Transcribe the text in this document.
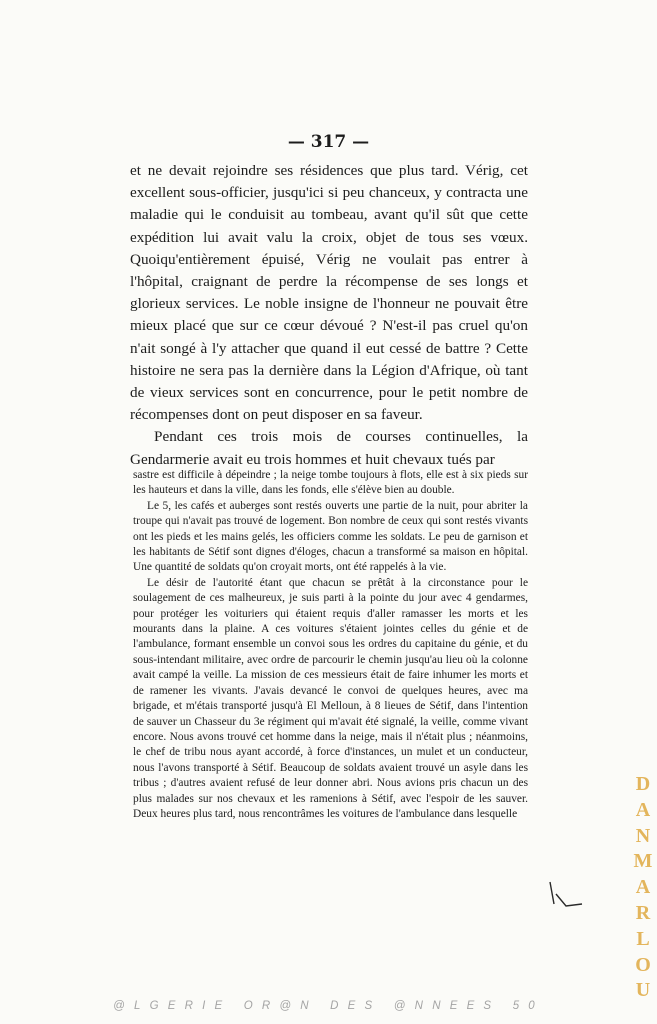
— 317 —

et ne devait rejoindre ses résidences que plus tard. Vérig, cet excellent sous-officier, jusqu'ici si peu chanceux, y contracta une maladie qui le conduisit au tombeau, avant qu'il sût que cette expédition lui avait valu la croix, objet de tous ses vœux. Quoiqu'entièrement épuisé, Vérig ne voulait pas entrer à l'hôpital, craignant de perdre la récompense de ses longs et glorieux services. Le noble insigne de l'honneur ne pouvait être mieux placé que sur ce cœur dévoué ? N'est-il pas cruel qu'on n'ait songé à l'y attacher que quand il eut cessé de battre ? Cette histoire ne sera pas la dernière dans la Légion d'Afrique, où tant de vieux services sont en concurrence, pour le petit nombre de récompenses dont on peut disposer en sa faveur.

Pendant ces trois mois de courses continuelles, la Gendarmerie avait eu trois hommes et huit chevaux tués par

sastre est difficile à dépeindre ; la neige tombe toujours à flots, elle est à six pieds sur les hauteurs et dans la ville, dans les fonds, elle s'élève bien au double.

Le 5, les cafés et auberges sont restés ouverts une partie de la nuit, pour abriter la troupe qui n'avait pas trouvé de logement. Bon nombre de ceux qui sont restés vivants ont les pieds et les mains gelés, les officiers comme les soldats. Le peu de garnison et les habitants de Sétif sont dignes d'éloges, chacun a transformé sa maison en hôpital. Une quantité de soldats qu'on croyait morts, ont été rappelés à la vie.

Le désir de l'autorité étant que chacun se prêtât à la circonstance pour le soulagement de ces malheureux, je suis parti à la pointe du jour avec 4 gendarmes, pour protéger les voituriers qui étaient requis d'aller ramasser les morts et les mourants dans la plaine. A ces voitures s'étaient jointes celles du génie et de l'ambulance, formant ensemble un convoi sous les ordres du capitaine du génie, et du sous-intendant militaire, avec ordre de parcourir le chemin jusqu'au lieu où la colonne avait campé la veille. La mission de ces messieurs était de faire inhumer les morts et de ramener les vivants. J'avais devancé le convoi de quelques heures, avec ma brigade, et m'étais transporté jusqu'à El Melloun, à 8 lieues de Sétif, dans l'intention de sauver un Chasseur du 3e régiment qui m'avait été signalé, la veille, comme vivant encore. Nous avons trouvé cet homme dans la neige, mais il n'était plus ; néanmoins, le chef de tribu nous ayant accordé, à force d'instances, un mulet et un conducteur, nous l'avons transporté à Sétif. Beaucoup de soldats avaient trouvé un asyle dans les tribus ; d'autres avaient refusé de leur donner abri. Nous avions pris chacun un des plus malades sur nos chevaux et les ramenions à Sétif, avec l'espoir de les sauver. Deux heures plus tard, nous rencontrâmes les voitures de l'ambulance dans lesquelle

D
A
N
M
A
R
L
O
U
@LGERIE OR@N DES @NNEES 50
